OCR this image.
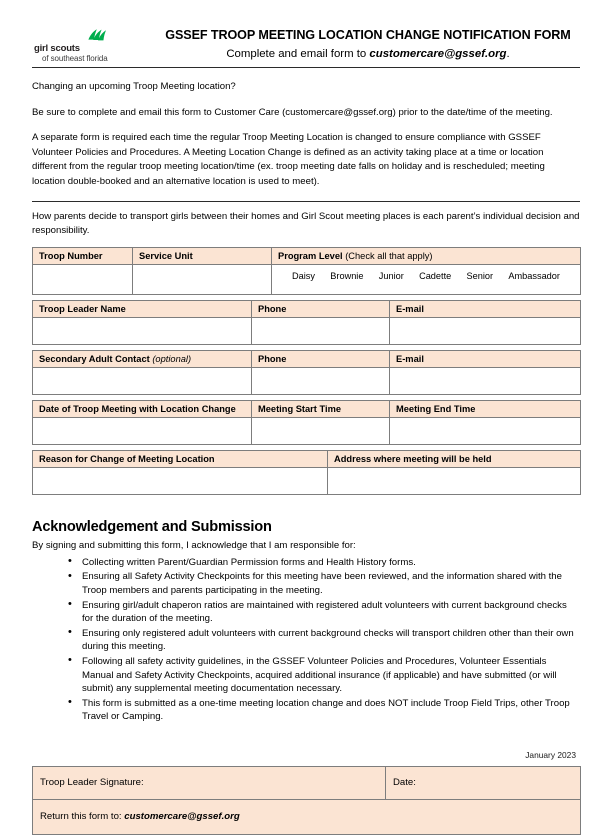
girl scouts
of southeast florida
GSSEF TROOP MEETING LOCATION CHANGE NOTIFICATION FORM
Complete and email form to customercare@gssef.org.

Changing an upcoming Troop Meeting location?

Be sure to complete and email this form to Customer Care (customercare@gssef.org) prior to the date/time of the meeting.

A separate form is required each time the regular Troop Meeting Location is changed to ensure compliance with GSSEF Volunteer Policies and Procedures. A Meeting Location Change is defined as an activity taking place at a time or location different from the regular troop meeting location/time (ex. troop meeting date falls on holiday and is rescheduled; meeting location double-booked and an alternative location is used to meet).

How parents decide to transport girls between their homes and Girl Scout meeting places is each parent’s individual decision and responsibility.

Troop Number	Service Unit	Program Level (Check all that apply)

Daisy Brownie Junior Cadette Senior Ambassador

Troop Leader Name	Phone	E-mail

Secondary Adult Contact (optional)	Phone	E-mail

Date of Troop Meeting with Location Change	Meeting Start Time	Meeting End Time

Reason for Change of Meeting Location	Address where meeting will be held

Acknowledgement and Submission

By signing and submitting this form, I acknowledge that I am responsible for:

• Collecting written Parent/Guardian Permission forms and Health History forms.
• Ensuring all Safety Activity Checkpoints for this meeting have been reviewed, and the information shared with the Troop members and parents participating in the meeting.
• Ensuring girl/adult chaperon ratios are maintained with registered adult volunteers with current background checks for the duration of the meeting.
• Ensuring only registered adult volunteers with current background checks will transport children other than their own during this meeting.
• Following all safety activity guidelines, in the GSSEF Volunteer Policies and Procedures, Volunteer Essentials Manual and Safety Activity Checkpoints, acquired additional insurance (if applicable) and have submitted (or will submit) any supplemental meeting documentation necessary.
• This form is submitted as a one-time meeting location change and does NOT include Troop Field Trips, other Troop Travel or Camping.
Troop Leader Signature:	Date:
Return this form to: customercare@gssef.org
January 2023
